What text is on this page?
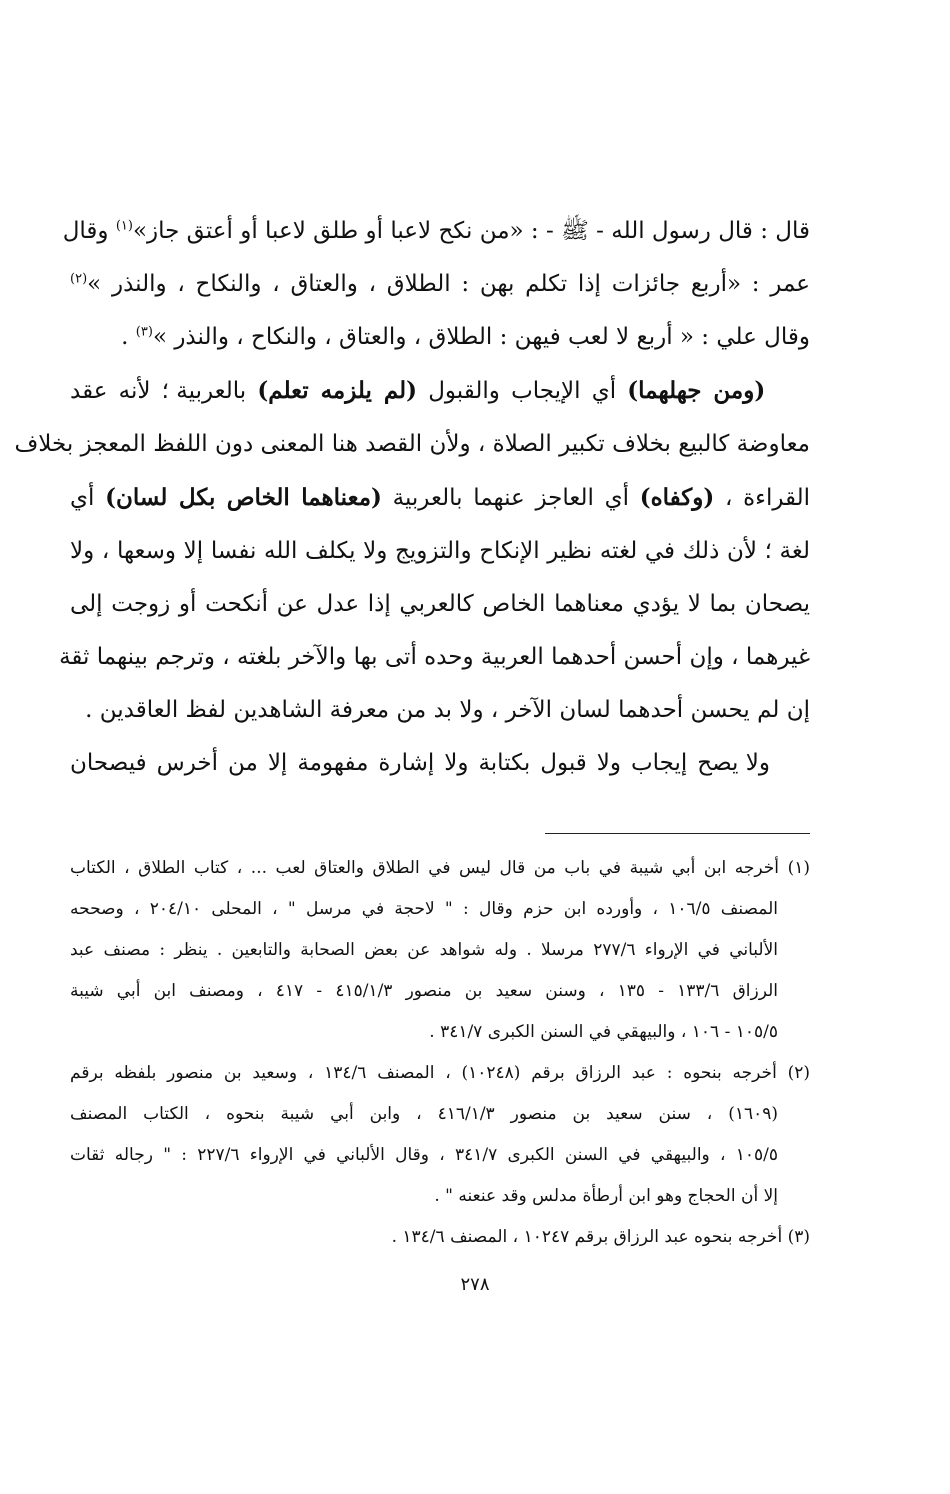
قال : قال رسول الله - ﷺ - : «من نكح لاعبا أو طلق لاعبا أو أعتق جاز»$^{(١)}$ وقال
عمر : «أربع جائزات إذا تكلم بهن : الطلاق ، والعتاق ، والنكاح ، والنذر »$^{(٢)}$
وقال علي : « أربع لا لعب فيهن : الطلاق ، والعتاق ، والنكاح ، والنذر »$^{(٣)}$ .
(ومن جهلهما) أي الإيجاب والقبول (لم يلزمه تعلم) بالعربية ؛ لأنه عقد
معاوضة كالبيع بخلاف تكبير الصلاة ، ولأن القصد هنا المعنى دون اللفظ المعجز بخلاف
القراءة ، (وكفاه) أي العاجز عنهما بالعربية (معناهما الخاص بكل لسان) أي
لغة ؛ لأن ذلك في لغته نظير الإنكاح والتزويج ولا يكلف الله نفسا إلا وسعها ، ولا
يصحان بما لا يؤدي معناهما الخاص كالعربي إذا عدل عن أنكحت أو زوجت إلى
غيرهما ، وإن أحسن أحدهما العربية وحده أتى بها والآخر بلغته ، وترجم بينهما ثقة
إن لم يحسن أحدهما لسان الآخر ، ولا بد من معرفة الشاهدين لفظ العاقدين .
ولا يصح إيجاب ولا قبول بكتابة ولا إشارة مفهومة إلا من أخرس فيصحان

(١) أخرجه ابن أبي شيبة في باب من قال ليس في الطلاق والعتاق لعب ... ، كتاب الطلاق ، الكتاب
المصنف ١٠٦/٥ ، وأورده ابن حزم وقال : " لاحجة في مرسل " ، المحلى ٢٠٤/١٠ ، وصححه
الألباني في الإرواء ٢٧٧/٦ مرسلا . وله شواهد عن بعض الصحابة والتابعين . ينظر : مصنف عبد
الرزاق ١٣٣/٦ - ١٣٥ ، وسنن سعيد بن منصور ٤١٥/١/٣ - ٤١٧ ، ومصنف ابن أبي شيبة
١٠٥/٥ - ١٠٦ ، والبيهقي في السنن الكبرى ٣٤١/٧ .
(٢) أخرجه بنحوه : عبد الرزاق برقم (١٠٢٤٨) ، المصنف ١٣٤/٦ ، وسعيد بن منصور بلفظه برقم
(١٦٠٩) ، سنن سعيد بن منصور ٤١٦/١/٣ ، وابن أبي شيبة بنحوه ، الكتاب المصنف
١٠٥/٥ ، والبيهقي في السنن الكبرى ٣٤١/٧ ، وقال الألباني في الإرواء ٢٢٧/٦ : " رجاله ثقات
إلا أن الحجاج وهو ابن أرطأة مدلس وقد عنعنه " .
(٣) أخرجه بنحوه عبد الرزاق برقم ١٠٢٤٧ ، المصنف ١٣٤/٦ .
٢٧٨
